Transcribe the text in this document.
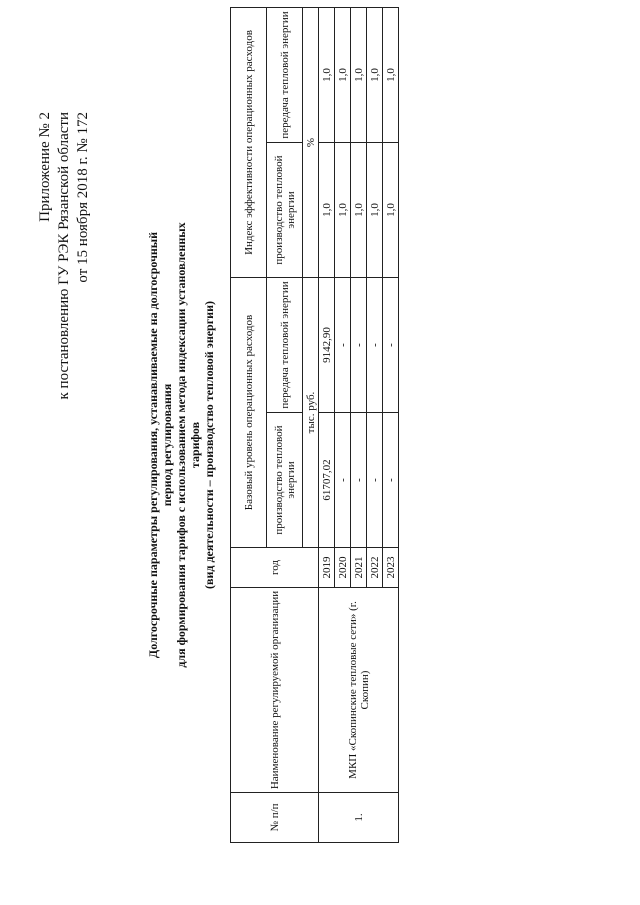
Приложение № 2 к постановлению ГУ РЭК Рязанской области от 15 ноября 2018 г. № 172
Долгосрочные параметры регулирования, устанавливаемые на долгосрочный период регулирования для формирования тарифов с использованием метода индексации установленных тарифов (вид деятельности – производство тепловой энергии)
№ п/п	Наименование регулируемой организации	год	Базовый уровень операционных расходов		Индекс эффективности операционных расходов	
			производство тепловой энергии	передача тепловой энергии	производство тепловой энергии	передача тепловой энергии
			тыс. руб.		%	
1.	МКП «Скопинские тепловые сети» (г. Скопин)	2019	61707,02	9142,90	1,0	1,0
		2020	-	-	1,0	1,0
		2021	-	-	1,0	1,0
		2022	-	-	1,0	1,0
		2023	-	-	1,0	1,0
